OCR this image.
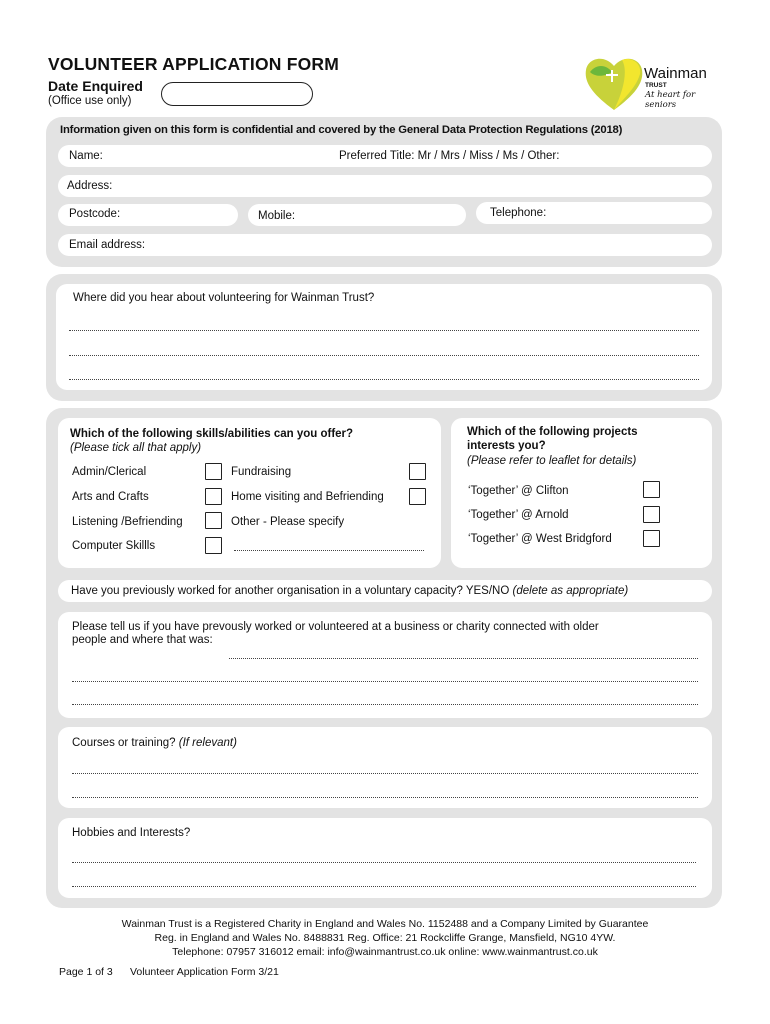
VOLUNTEER APPLICATION FORM
Date Enquired
(Office use only)
Wainman
TRUST
At heart for seniors
Information given on this form is confidential and covered by the General Data Protection Regulations (2018)
Name:	Preferred Title: Mr / Mrs / Miss / Ms / Other:
Address:
Postcode:	Mobile:	Telephone:
Email address:
Where did you hear about volunteering for Wainman Trust?
Which of the following skills/abilities can you offer?
(Please tick all that apply)
Admin/Clerical
Arts and Crafts
Listening /Befriending
Computer Skillls
Fundraising
Home visiting and Befriending
Other - Please specify
Which of the following projects
interests you?
(Please refer to leaflet for details)
‘Together’ @ Clifton
‘Together’ @ Arnold
‘Together’ @ West Bridgford
Have you previously worked for another organisation in a voluntary capacity? YES/NO (delete as appropriate)
Please tell us if you have prevously worked or volunteered at a business or charity connected with older
people and where that was:
Courses or training? (If relevant)
Hobbies and Interests?
Wainman Trust is a Registered Charity in England and Wales No. 1152488 and a Company Limited by Guarantee
Reg. in England and Wales No. 8488831 Reg. Office: 21 Rockcliffe Grange, Mansfield, NG10 4YW.
Telephone: 07957 316012 email: info@wainmantrust.co.uk online: www.wainmantrust.co.uk
Page 1 of 3 Volunteer Application Form 3/21
